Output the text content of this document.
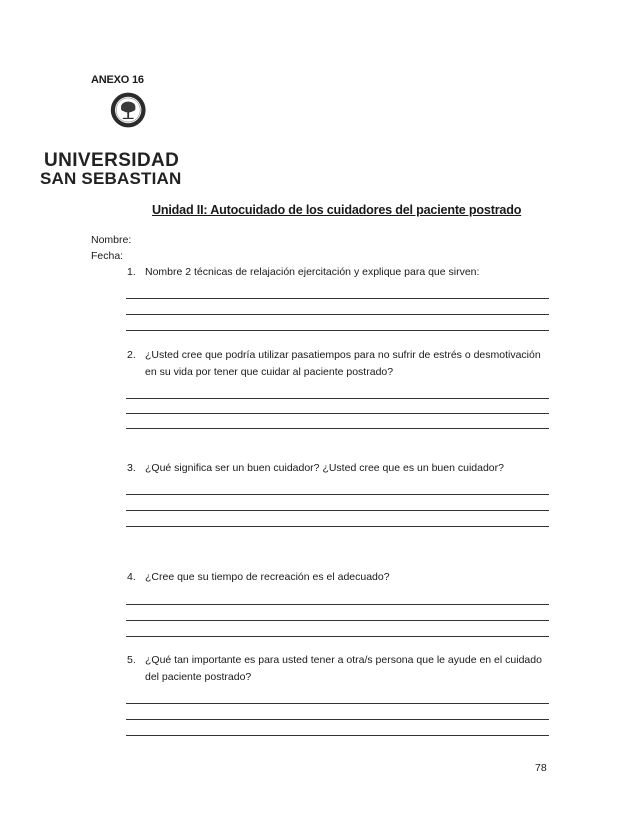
ANEXO 16
UNIVERSIDAD
SAN SEBASTIAN
Unidad II: Autocuidado de los cuidadores del paciente postrado
Nombre:
Fecha:
1. Nombre 2 técnicas de relajación ejercitación y explique para que sirven:
2. ¿Usted cree que podría utilizar pasatiempos para no sufrir de estrés o desmotivación en su vida por tener que cuidar al paciente postrado?
3. ¿Qué significa ser un buen cuidador? ¿Usted cree que es un buen cuidador?
4. ¿Cree que su tiempo de recreación es el adecuado?
5. ¿Qué tan importante es para usted tener a otra/s persona que le ayude en el cuidado del paciente postrado?
78
